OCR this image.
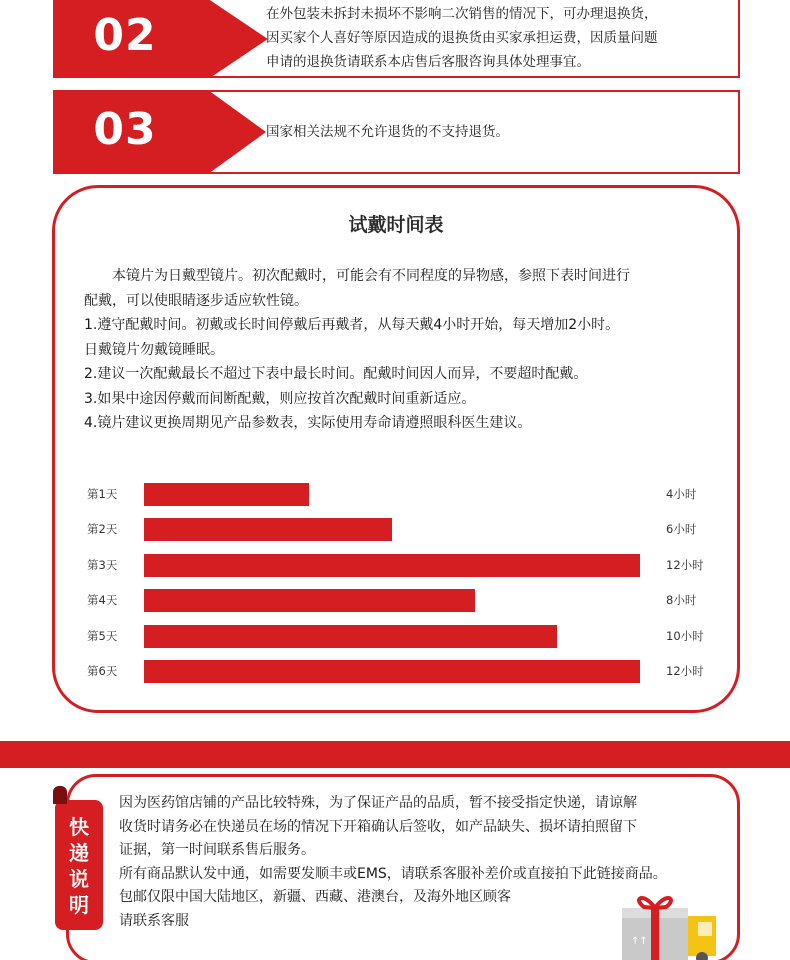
02	在外包装未拆封未损坏不影响二次销售的情况下，可办理退换货，

因买家个人喜好等原因造成的退换货由买家承担运费，因质量问题

申请的退换货请联系本店售后客服咨询具体处理事宜。

03	国家相关法规不允许退货的不支持退货。

试戴时间表

本镜片为日戴型镜片。初次配戴时，可能会有不同程度的异物感，参照下表时间进行

配戴，可以使眼睛逐步适应软性镜。

1.遵守配戴时间。初戴或长时间停戴后再戴者，从每天戴4小时开始，每天增加2小时。

日戴镜片勿戴镜睡眠。

2.建议一次配戴最长不超过下表中最长时间。配戴时间因人而异，不要超时配戴。

3.如果中途因停戴而间断配戴，则应按首次配戴时间重新适应。

4.镜片建议更换周期见产品参数表，实际使用寿命请遵照眼科医生建议。

第1天	4小时
第2天	6小时
第3天	12小时
第4天	8小时
第5天	10小时
第6天	12小时
快
递
说
明

因为医药馆店铺的产品比较特殊，为了保证产品的品质，暂不接受指定快递，请谅解

收货时请务必在快递员在场的情况下开箱确认后签收，如产品缺失、损坏请拍照留下

证据，第一时间联系售后服务。

所有商品默认发中通，如需要发顺丰或EMS，请联系客服补差价或直接拍下此链接商品。

包邮仅限中国大陆地区，新疆、西藏、港澳台，及海外地区顾客

请联系客服

↑↑
